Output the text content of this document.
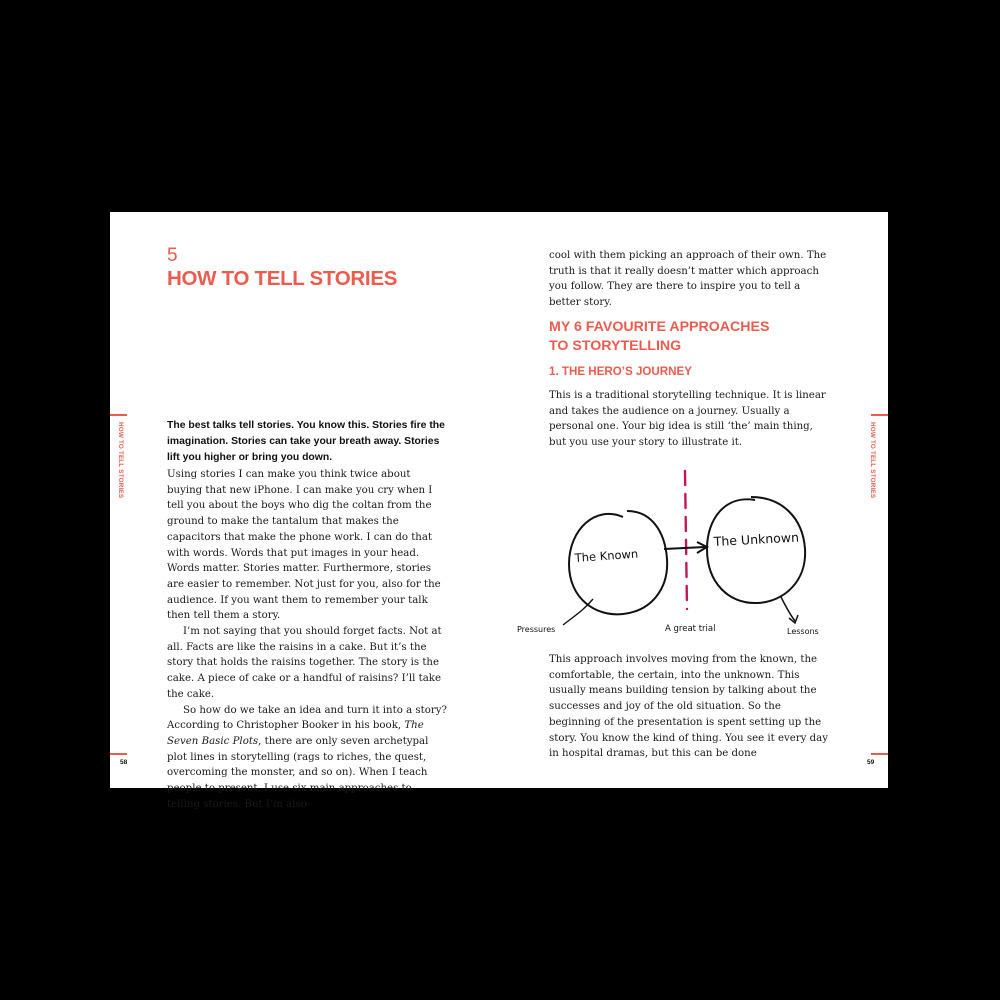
HOW TO TELL STORIES
58
5
HOW TO TELL STORIES

The best talks tell stories. You know this. Stories fire the imagination. Stories can take your breath away. Stories lift you higher or bring you down.

Using stories I can make you think twice about buying that new iPhone. I can make you cry when I tell you about the boys who dig the coltan from the ground to make the tantalum that makes the capacitors that make the phone work. I can do that with words. Words that put images in your head. Words matter. Stories matter. Furthermore, stories are easier to remember. Not just for you, also for the audience. If you want them to remember your talk then tell them a story.

I’m not saying that you should forget facts. Not at all. Facts are like the raisins in a cake. But it’s the story that holds the raisins together. The story is the cake. A piece of cake or a handful of raisins? I’ll take the cake.

So how do we take an idea and turn it into a story? According to Christopher Booker in his book, The Seven Basic Plots, there are only seven archetypal plot lines in storytelling (rags to riches, the quest, overcoming the monster, and so on). When I teach people to present, I use six main approaches to telling stories. But I’m also

HOW TO TELL STORIES
59

cool with them picking an approach of their own. The truth is that it really doesn’t matter which approach you follow. They are there to inspire you to tell a better story.

MY 6 FAVOURITE APPROACHES
TO STORYTELLING
1. THE HERO’S JOURNEY

This is a traditional storytelling technique. It is linear and takes the audience on a journey. Usually a personal one. Your big idea is still ‘the’ main thing, but you use your story to illustrate it.

The Known
The Unknown
Pressures	A great trial	Lessons

This approach involves moving from the known, the comfortable, the certain, into the unknown. This usually means building tension by talking about the successes and joy of the old situation. So the beginning of the presentation is spent setting up the story. You know the kind of thing. You see it every day in hospital dramas, but this can be done
